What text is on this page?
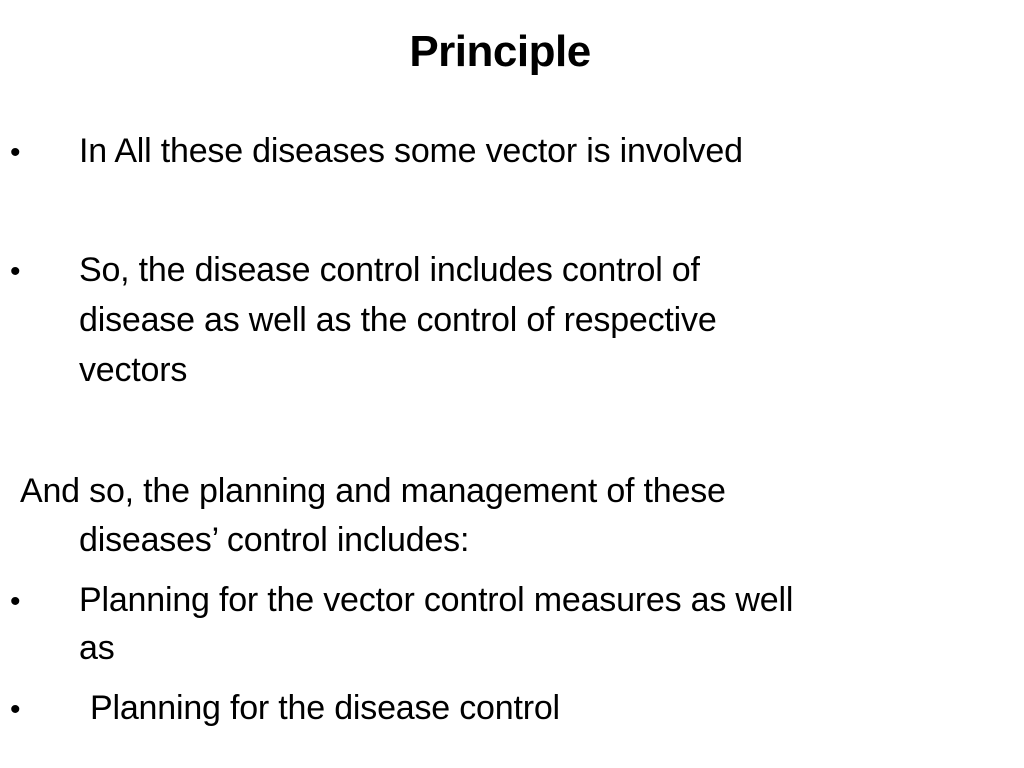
Principle
• In All these diseases some vector is involved
• So, the disease control includes control of
disease as well as the control of respective
vectors
And so, the planning and management of these
diseases’ control includes:
• Planning for the vector control measures as well
as
• Planning for the disease control
